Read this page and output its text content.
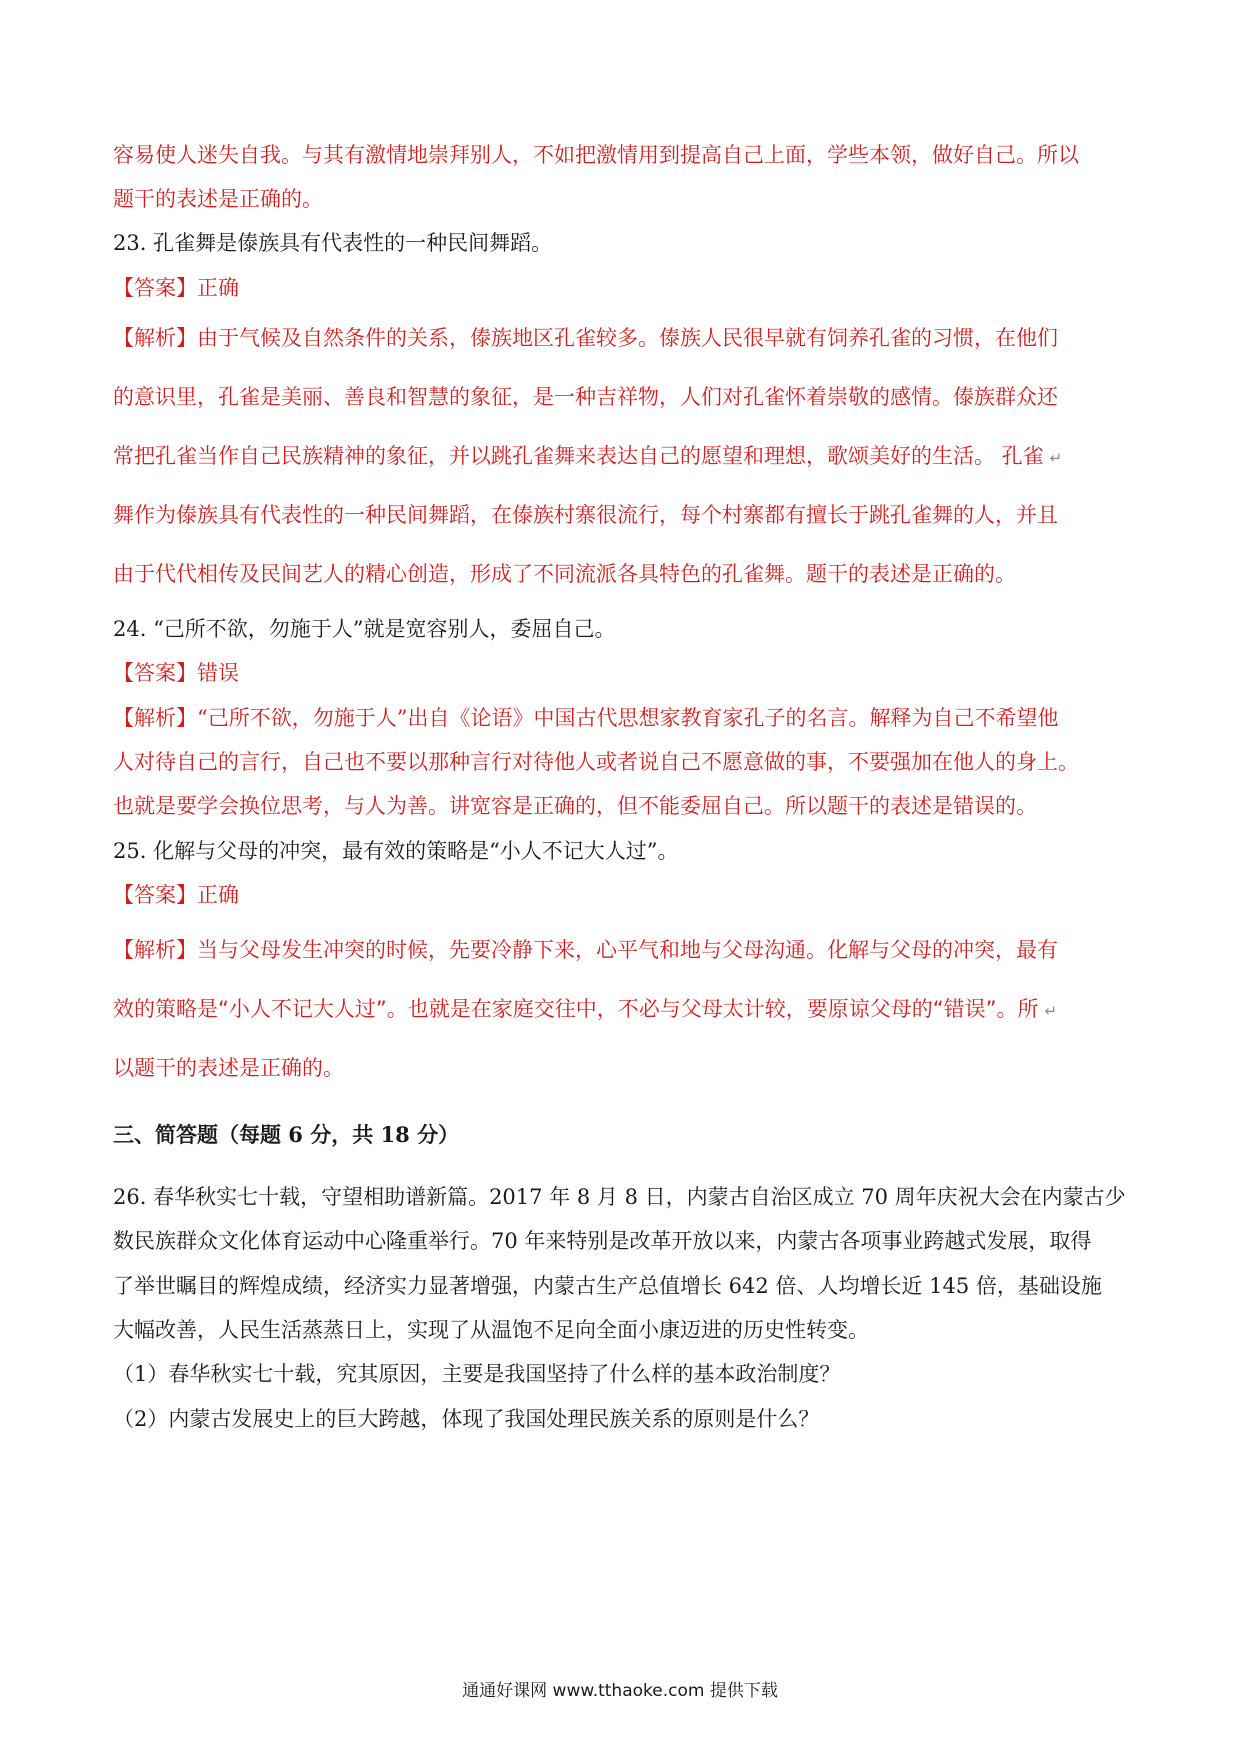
容易使人迷失自我。与其有激情地崇拜别人，不如把激情用到提高自己上面，学些本领，做好自己。所以
题干的表述是正确的。
23. 孔雀舞是傣族具有代表性的一种民间舞蹈。
【答案】正确
【解析】由于气候及自然条件的关系，傣族地区孔雀较多。傣族人民很早就有饲养孔雀的习惯，在他们
的意识里，孔雀是美丽、善良和智慧的象征，是一种吉祥物，人们对孔雀怀着崇敬的感情。傣族群众还
常把孔雀当作自己民族精神的象征，并以跳孔雀舞来表达自己的愿望和理想，歌颂美好的生活。 孔雀 ↵
舞作为傣族具有代表性的一种民间舞蹈，在傣族村寨很流行，每个村寨都有擅长于跳孔雀舞的人，并且
由于代代相传及民间艺人的精心创造，形成了不同流派各具特色的孔雀舞。题干的表述是正确的。
24. “己所不欲，勿施于人”就是宽容别人，委屈自己。
【答案】错误
【解析】“己所不欲，勿施于人”出自《论语》中国古代思想家教育家孔子的名言。解释为自己不希望他
人对待自己的言行，自己也不要以那种言行对待他人或者说自己不愿意做的事，不要强加在他人的身上。
也就是要学会换位思考，与人为善。讲宽容是正确的，但不能委屈自己。所以题干的表述是错误的。
25. 化解与父母的冲突，最有效的策略是“小人不记大人过”。
【答案】正确
【解析】当与父母发生冲突的时候，先要冷静下来，心平气和地与父母沟通。化解与父母的冲突，最有
效的策略是“小人不记大人过”。也就是在家庭交往中，不必与父母太计较，要原谅父母的“错误”。所 ↵
以题干的表述是正确的。
三、简答题（每题 6 分，共 18 分）
26. 春华秋实七十载，守望相助谱新篇。2017 年 8 月 8 日，内蒙古自治区成立 70 周年庆祝大会在内蒙古少
数民族群众文化体育运动中心隆重举行。70 年来特别是改革开放以来，内蒙古各项事业跨越式发展，取得
了举世瞩目的辉煌成绩，经济实力显著增强，内蒙古生产总值增长 642 倍、人均增长近 145 倍，基础设施
大幅改善，人民生活蒸蒸日上，实现了从温饱不足向全面小康迈进的历史性转变。
（1）春华秋实七十载，究其原因，主要是我国坚持了什么样的基本政治制度？
（2）内蒙古发展史上的巨大跨越，体现了我国处理民族关系的原则是什么？
通通好课网 www.tthaoke.com 提供下载
